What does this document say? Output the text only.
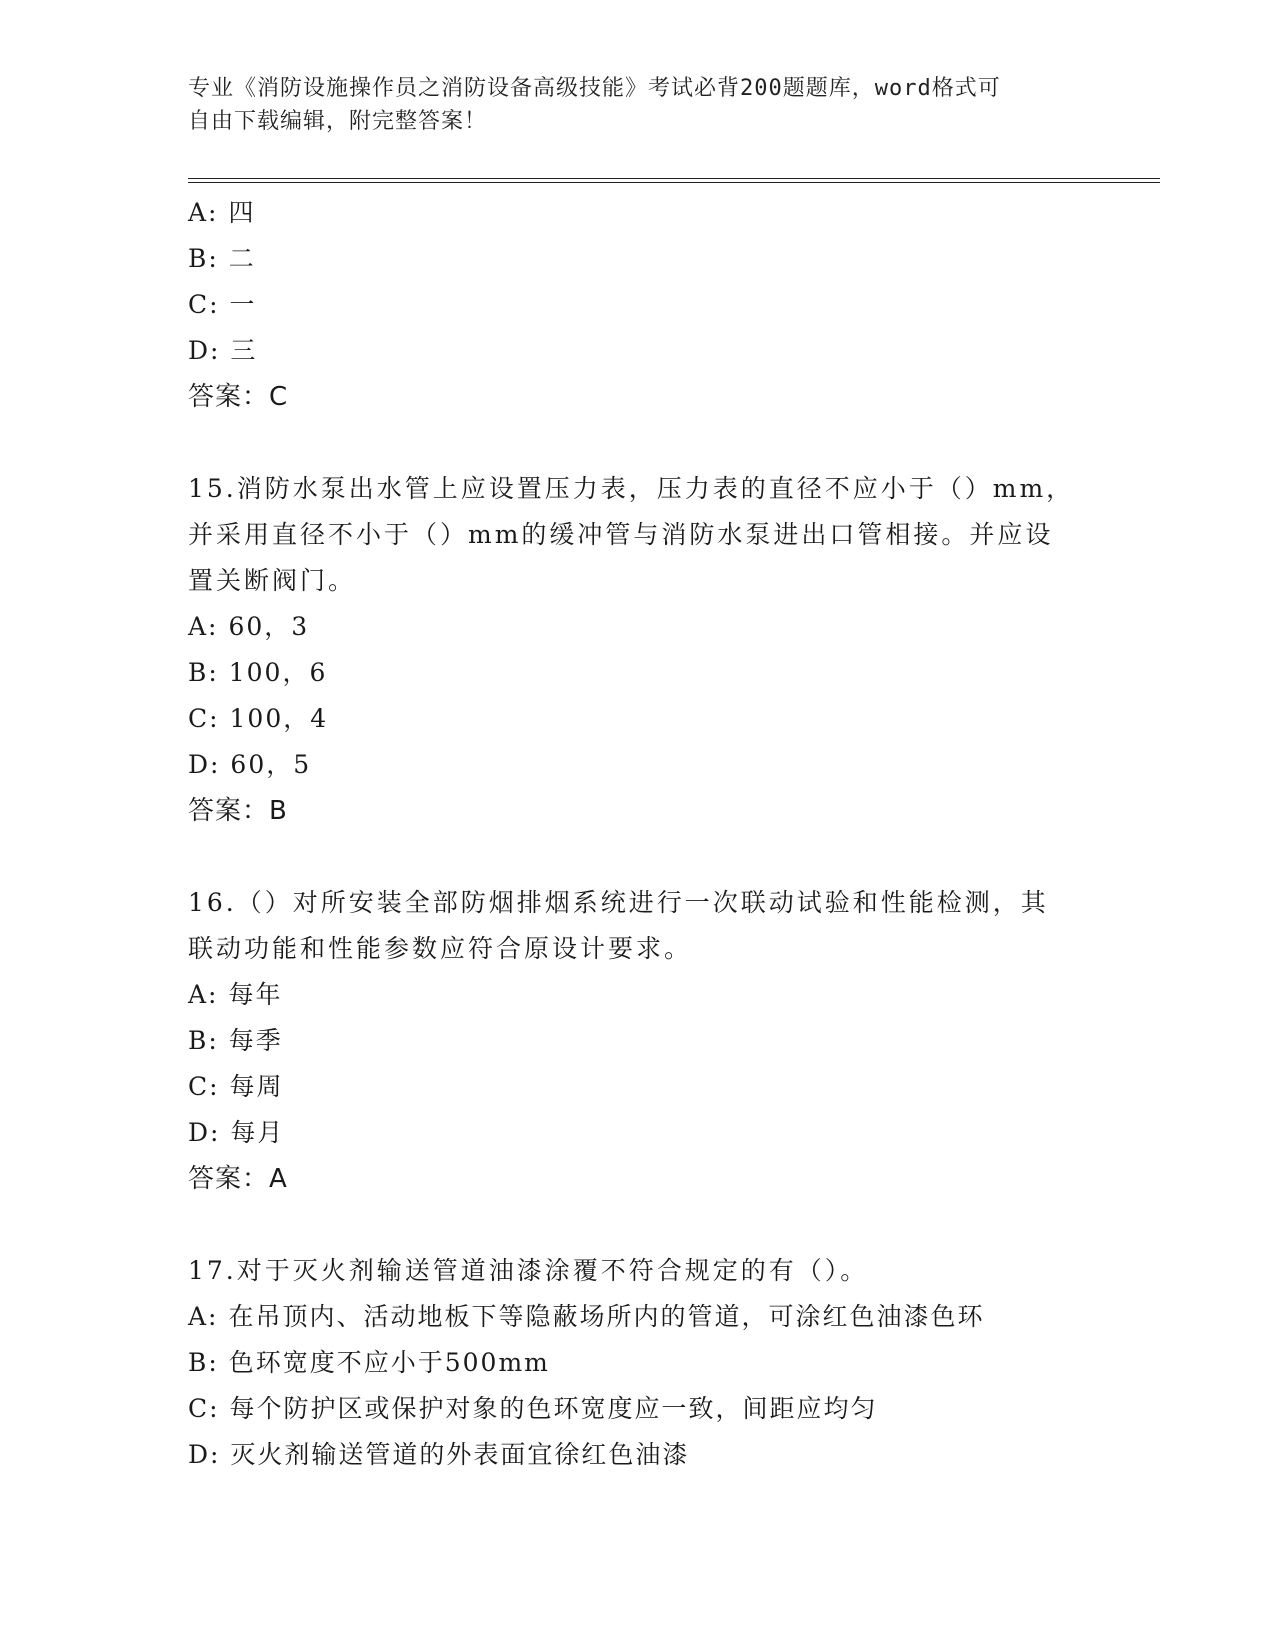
专业《消防设施操作员之消防设备高级技能》考试必背200题题库，word格式可
自由下载编辑，附完整答案！
A: 四
B: 二
C: 一
D: 三
答案：C
15.消防水泵出水管上应设置压力表，压力表的直径不应小于（）mm，
并采用直径不小于（）mm的缓冲管与消防水泵进出口管相接。并应设
置关断阀门。
A: 60，3
B: 100，6
C: 100，4
D: 60，5
答案：B
16.（）对所安装全部防烟排烟系统进行一次联动试验和性能检测，其
联动功能和性能参数应符合原设计要求。
A: 每年
B: 每季
C: 每周
D: 每月
答案：A
17.对于灭火剂输送管道油漆涂覆不符合规定的有（）。
A: 在吊顶内、活动地板下等隐蔽场所内的管道，可涂红色油漆色环
B: 色环宽度不应小于500mm
C: 每个防护区或保护对象的色环宽度应一致，间距应均匀
D: 灭火剂输送管道的外表面宜徐红色油漆
